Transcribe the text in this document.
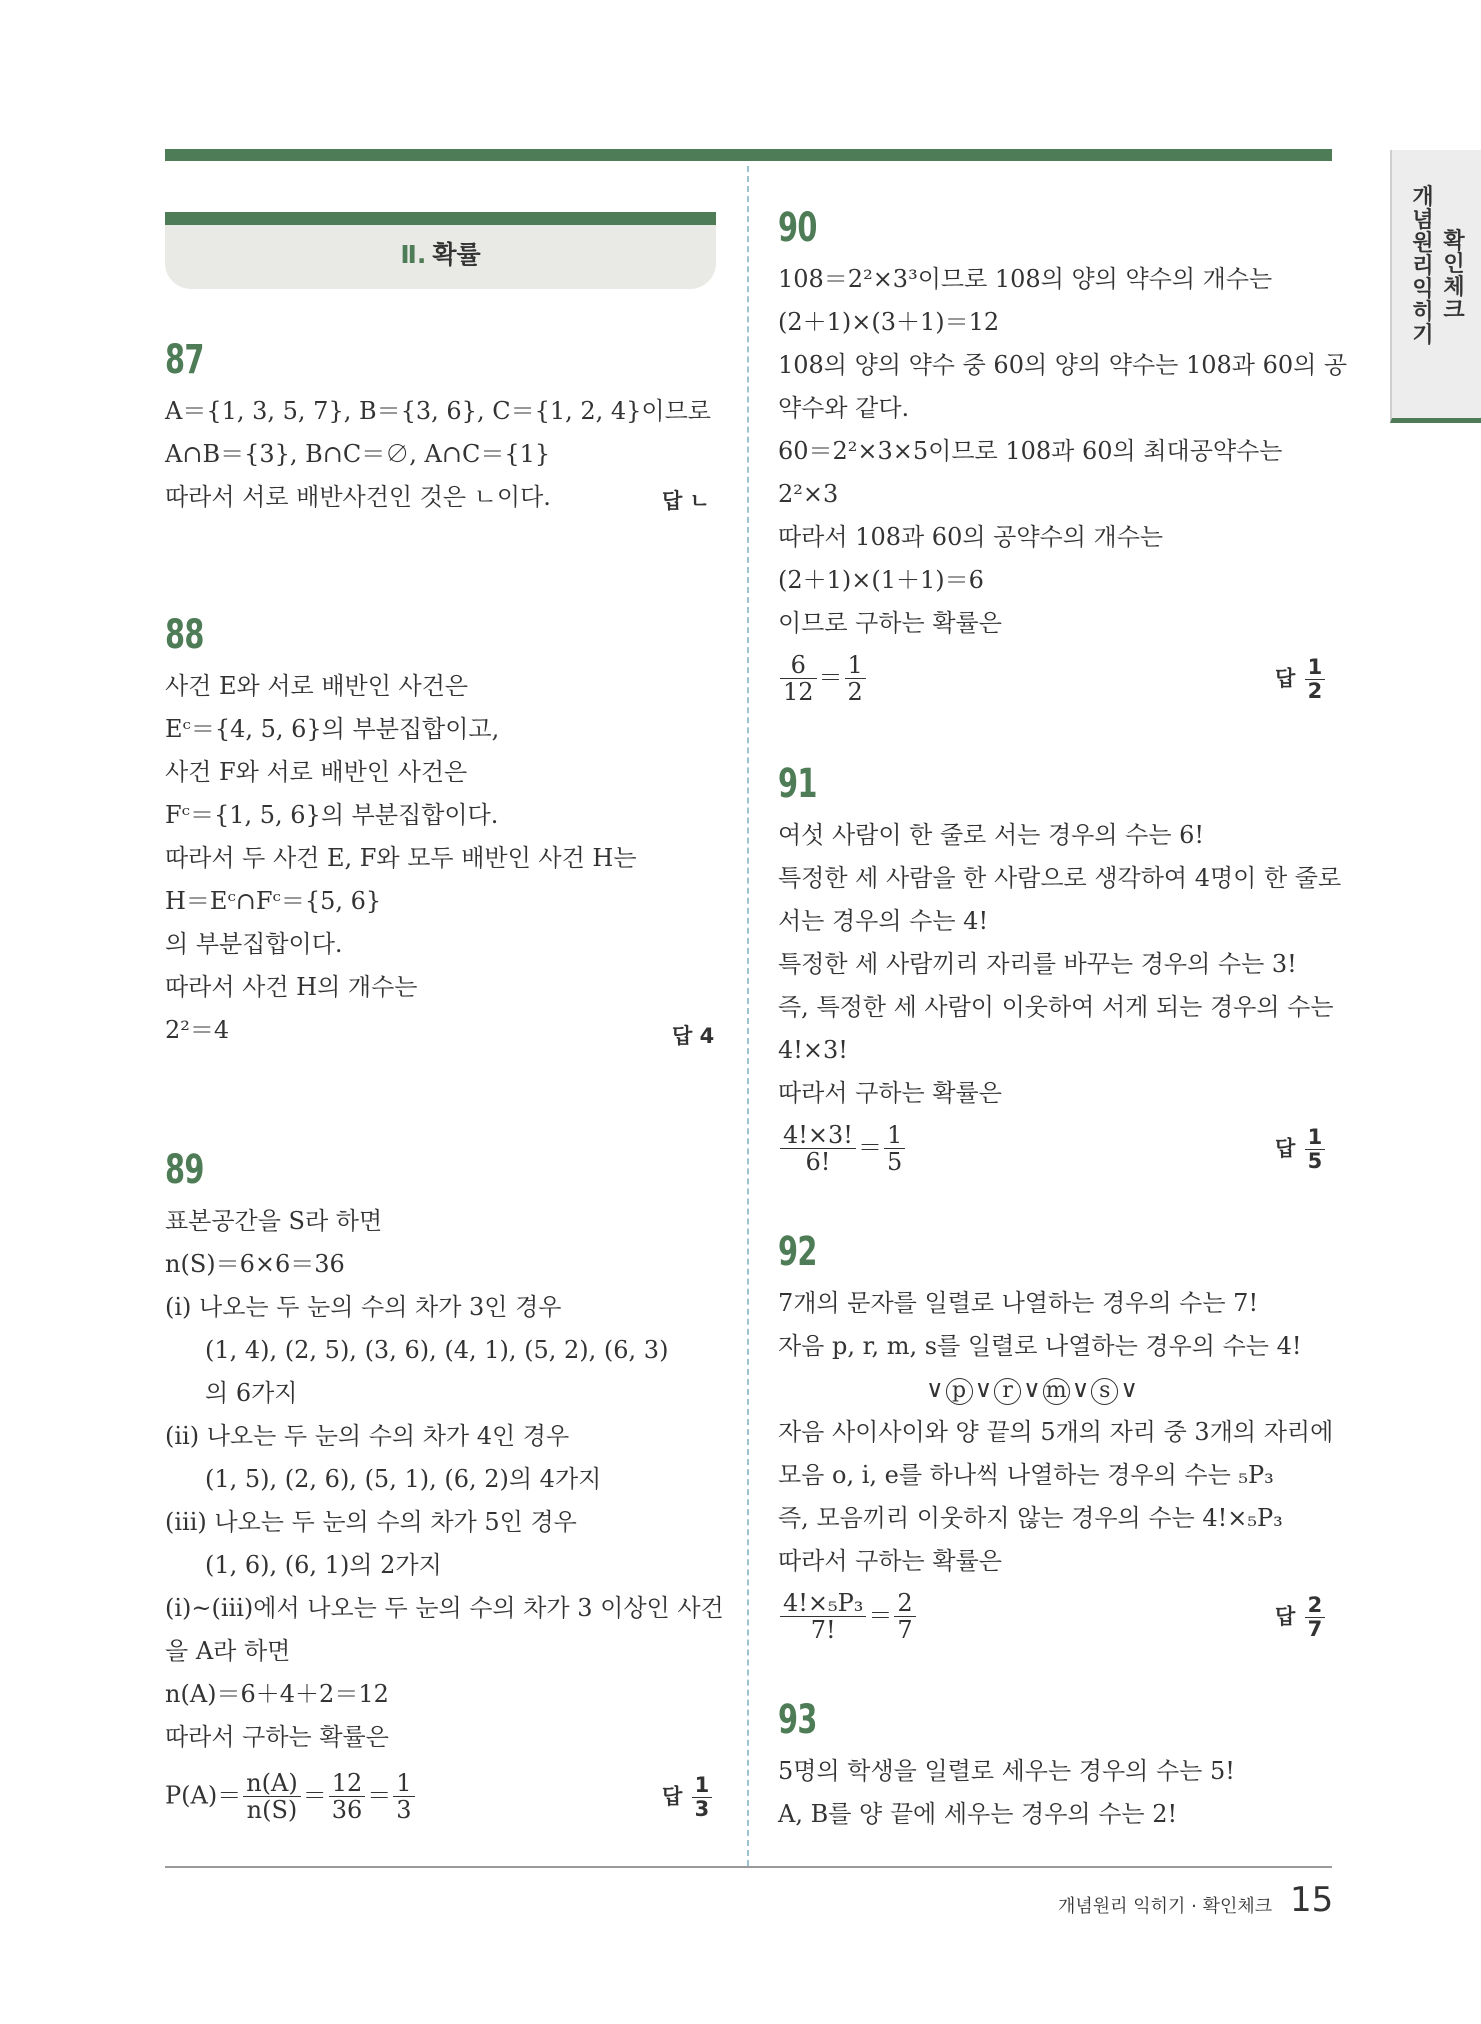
개념원리 익히기
확인체크
Ⅱ. 확률
87
A＝{1, 3, 5, 7}, B＝{3, 6}, C＝{1, 2, 4}이므로
A∩B＝{3}, B∩C＝∅, A∩C＝{1}
따라서 서로 배반사건인 것은 ㄴ이다.	답 ㄴ
88
사건 E와 서로 배반인 사건은
Eᶜ＝{4, 5, 6}의 부분집합이고,
사건 F와 서로 배반인 사건은
Fᶜ＝{1, 5, 6}의 부분집합이다.
따라서 두 사건 E, F와 모두 배반인 사건 H는
H＝Eᶜ∩Fᶜ＝{5, 6}
의 부분집합이다.
따라서 사건 H의 개수는
2²＝4	답 4
89
표본공간을 S라 하면
n(S)＝6×6＝36
(ⅰ) 나오는 두 눈의 수의 차가 3인 경우
(1, 4), (2, 5), (3, 6), (4, 1), (5, 2), (6, 3)
의 6가지
(ⅱ) 나오는 두 눈의 수의 차가 4인 경우
(1, 5), (2, 6), (5, 1), (6, 2)의 4가지
(ⅲ) 나오는 두 눈의 수의 차가 5인 경우
(1, 6), (6, 1)의 2가지
(ⅰ)~(ⅲ)에서 나오는 두 눈의 수의 차가 3 이상인 사건
을 A라 하면
n(A)＝6＋4＋2＝12
따라서 구하는 확률은
$P(A)= \frac{n(A)}{n(S)} = \frac{12}{36} = \frac{1}{3}$	답 $\frac{1}{3}$
90
108＝2²×3³이므로 108의 양의 약수의 개수는
(2＋1)×(3＋1)＝12
108의 양의 약수 중 60의 양의 약수는 108과 60의 공
약수와 같다.
60＝2²×3×5이므로 108과 60의 최대공약수는
2²×3
따라서 108과 60의 공약수의 개수는
(2＋1)×(1＋1)＝6
이므로 구하는 확률은
$\frac{6}{12} = \frac{1}{2}$	답 $\frac{1}{2}$
91
여섯 사람이 한 줄로 서는 경우의 수는 6!
특정한 세 사람을 한 사람으로 생각하여 4명이 한 줄로
서는 경우의 수는 4!
특정한 세 사람끼리 자리를 바꾸는 경우의 수는 3!
즉, 특정한 세 사람이 이웃하여 서게 되는 경우의 수는
4!×3!
따라서 구하는 확률은
$\frac{4!\times 3!}{6!} = \frac{1}{5}$	답 $\frac{1}{5}$
92
7개의 문자를 일렬로 나열하는 경우의 수는 7!
자음 p, r, m, s를 일렬로 나열하는 경우의 수는 4!
∨ p ∨ r ∨ m ∨ s ∨
자음 사이사이와 양 끝의 5개의 자리 중 3개의 자리에
모음 o, i, e를 하나씩 나열하는 경우의 수는 ₅P₃
즉, 모음끼리 이웃하지 않는 경우의 수는 4!×₅P₃
따라서 구하는 확률은
$\frac{\text{4!×₅P₃}}{7!} = \frac{2}{7}$	답 $\frac{2}{7}$
93
5명의 학생을 일렬로 세우는 경우의 수는 5!
A, B를 양 끝에 세우는 경우의 수는 2!
개념원리 익히기 · 확인체크 15
